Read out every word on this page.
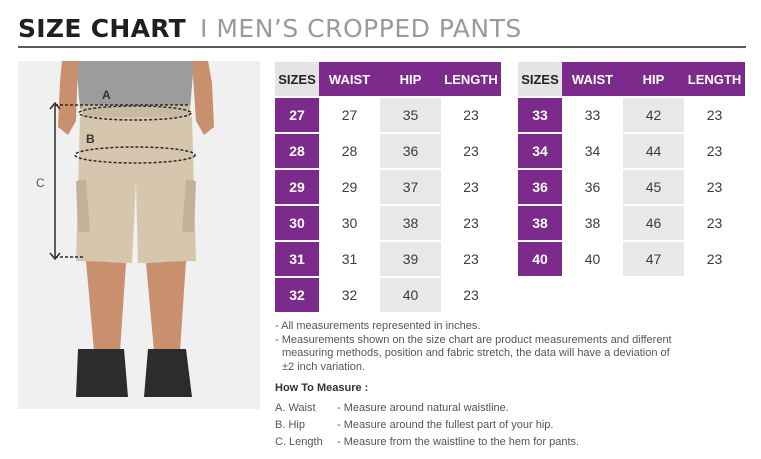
SIZE CHART I MEN’S CROPPED PANTS
A
B
C
SIZES	WAIST	HIP	LENGTH
27	27	35	23
28	28	36	23
29	29	37	23
30	30	38	23
31	31	39	23
32	32	40	23
SIZES	WAIST	HIP	LENGTH
33	33	42	23
34	34	44	23
36	36	45	23
38	38	46	23
40	40	47	23

- All measurements represented in inches.

- Measurements shown on the size chart are product measurements and different

measuring methods, position and fabric stretch, the data will have a deviation of

±2 inch variation.

How To Measure :
A. Waist	- Measure around natural waistline.
B. Hip	- Measure around the fullest part of your hip.
C. Length	- Measure from the waistline to the hem for pants.
